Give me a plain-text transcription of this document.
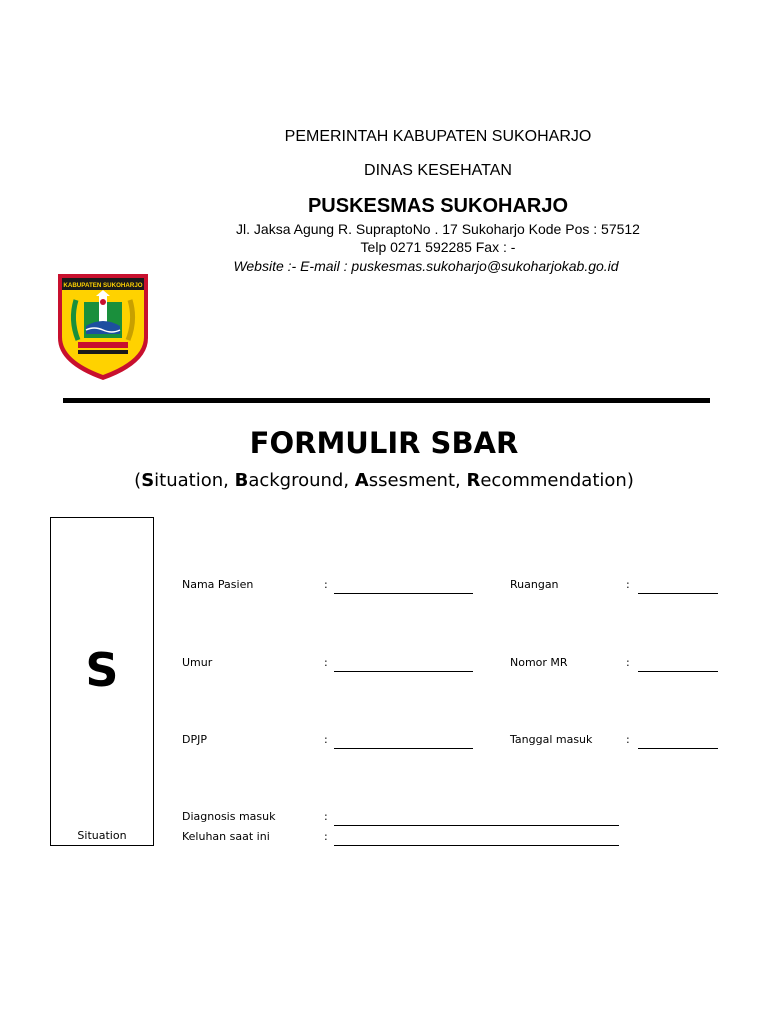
PEMERINTAH KABUPATEN SUKOHARJO
DINAS KESEHATAN
PUSKESMAS SUKOHARJO
Jl. Jaksa Agung R. SupraptoNo . 17 Sukoharjo Kode Pos : 57512
Telp 0271 592285 Fax : -
Website :- E-mail : puskesmas.sukoharjo@sukoharjokab.go.id
KABUPATEN SUKOHARJO
FORMULIR SBAR
(Situation, Background, Assesment, Recommendation)
S
Situation
Nama Pasien	:	Ruangan	:
Umur	:	Nomor MR	:
DPJP	:	Tanggal masuk	:
Diagnosis masuk	:
Keluhan saat ini	:
